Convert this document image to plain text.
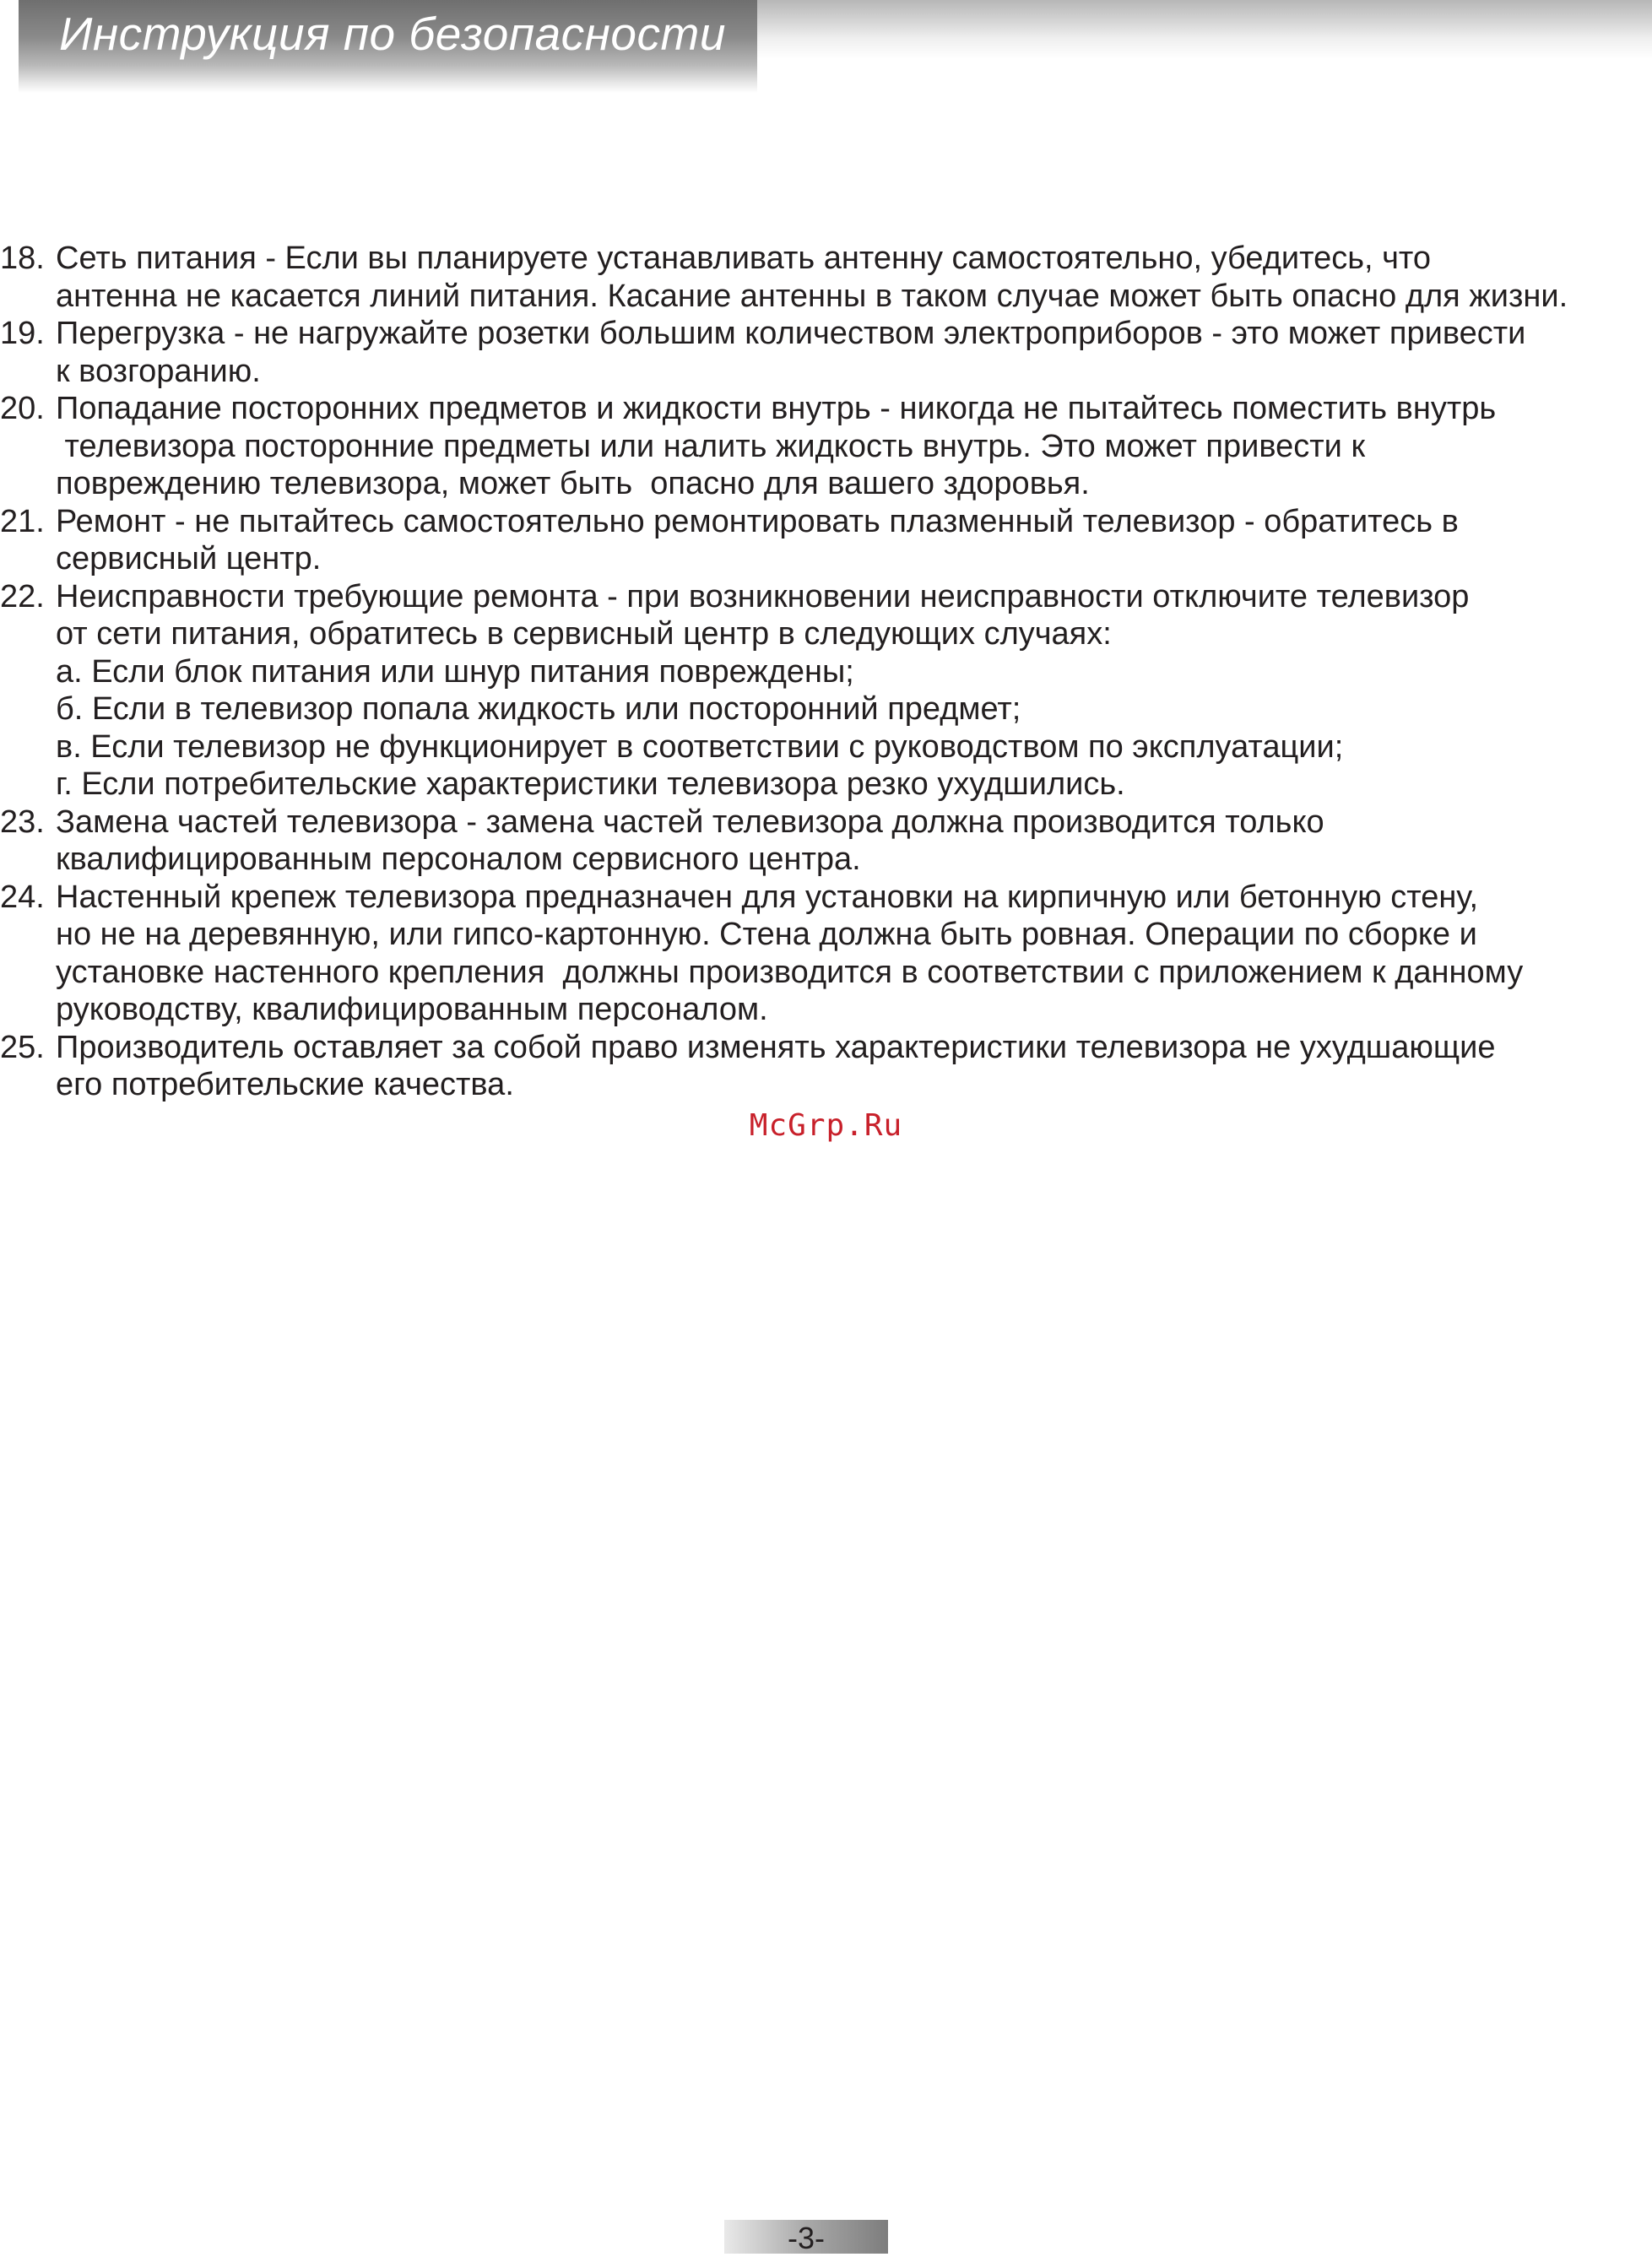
Инструкция по безопасности
18. Сеть питания - Если вы планируете устанавливать антенну самостоятельно, убедитесь, что
антенна не касается линий питания. Касание антенны в таком случае может быть опасно для жизни.
19. Перегрузка - не нагружайте розетки большим количеством электроприборов - это может привести
к возгоранию.
20. Попадание посторонних предметов и жидкости внутрь - никогда не пытайтесь поместить внутрь
телевизора посторонние предметы или налить жидкость внутрь. Это может привести к
повреждению телевизора, может быть  опасно для вашего здоровья.
21. Ремонт - не пытайтесь самостоятельно ремонтировать плазменный телевизор - обратитесь в
сервисный центр.
22. Неисправности требующие ремонта - при возникновении неисправности отключите телевизор
от сети питания, обратитесь в сервисный центр в следующих случаях:
а. Если блок питания или шнур питания повреждены;
б. Если в телевизор попала жидкость или посторонний предмет;
в. Если телевизор не функционирует в соответствии с руководством по эксплуатации;
г. Если потребительские характеристики телевизора резко ухудшились.
23. Замена частей телевизора - замена частей телевизора должна производится только
квалифицированным персоналом сервисного центра.
24. Настенный крепеж телевизора предназначен для установки на кирпичную или бетонную стену,
но не на деревянную, или гипсо-картонную. Стена должна быть ровная. Операции по сборке и
установке настенного крепления  должны производится в соответствии с приложением к данному
руководству, квалифицированным персоналом.
25. Производитель оставляет за собой право изменять характеристики телевизора не ухудшающие
его потребительские качества.
McGrp.Ru
-3-
